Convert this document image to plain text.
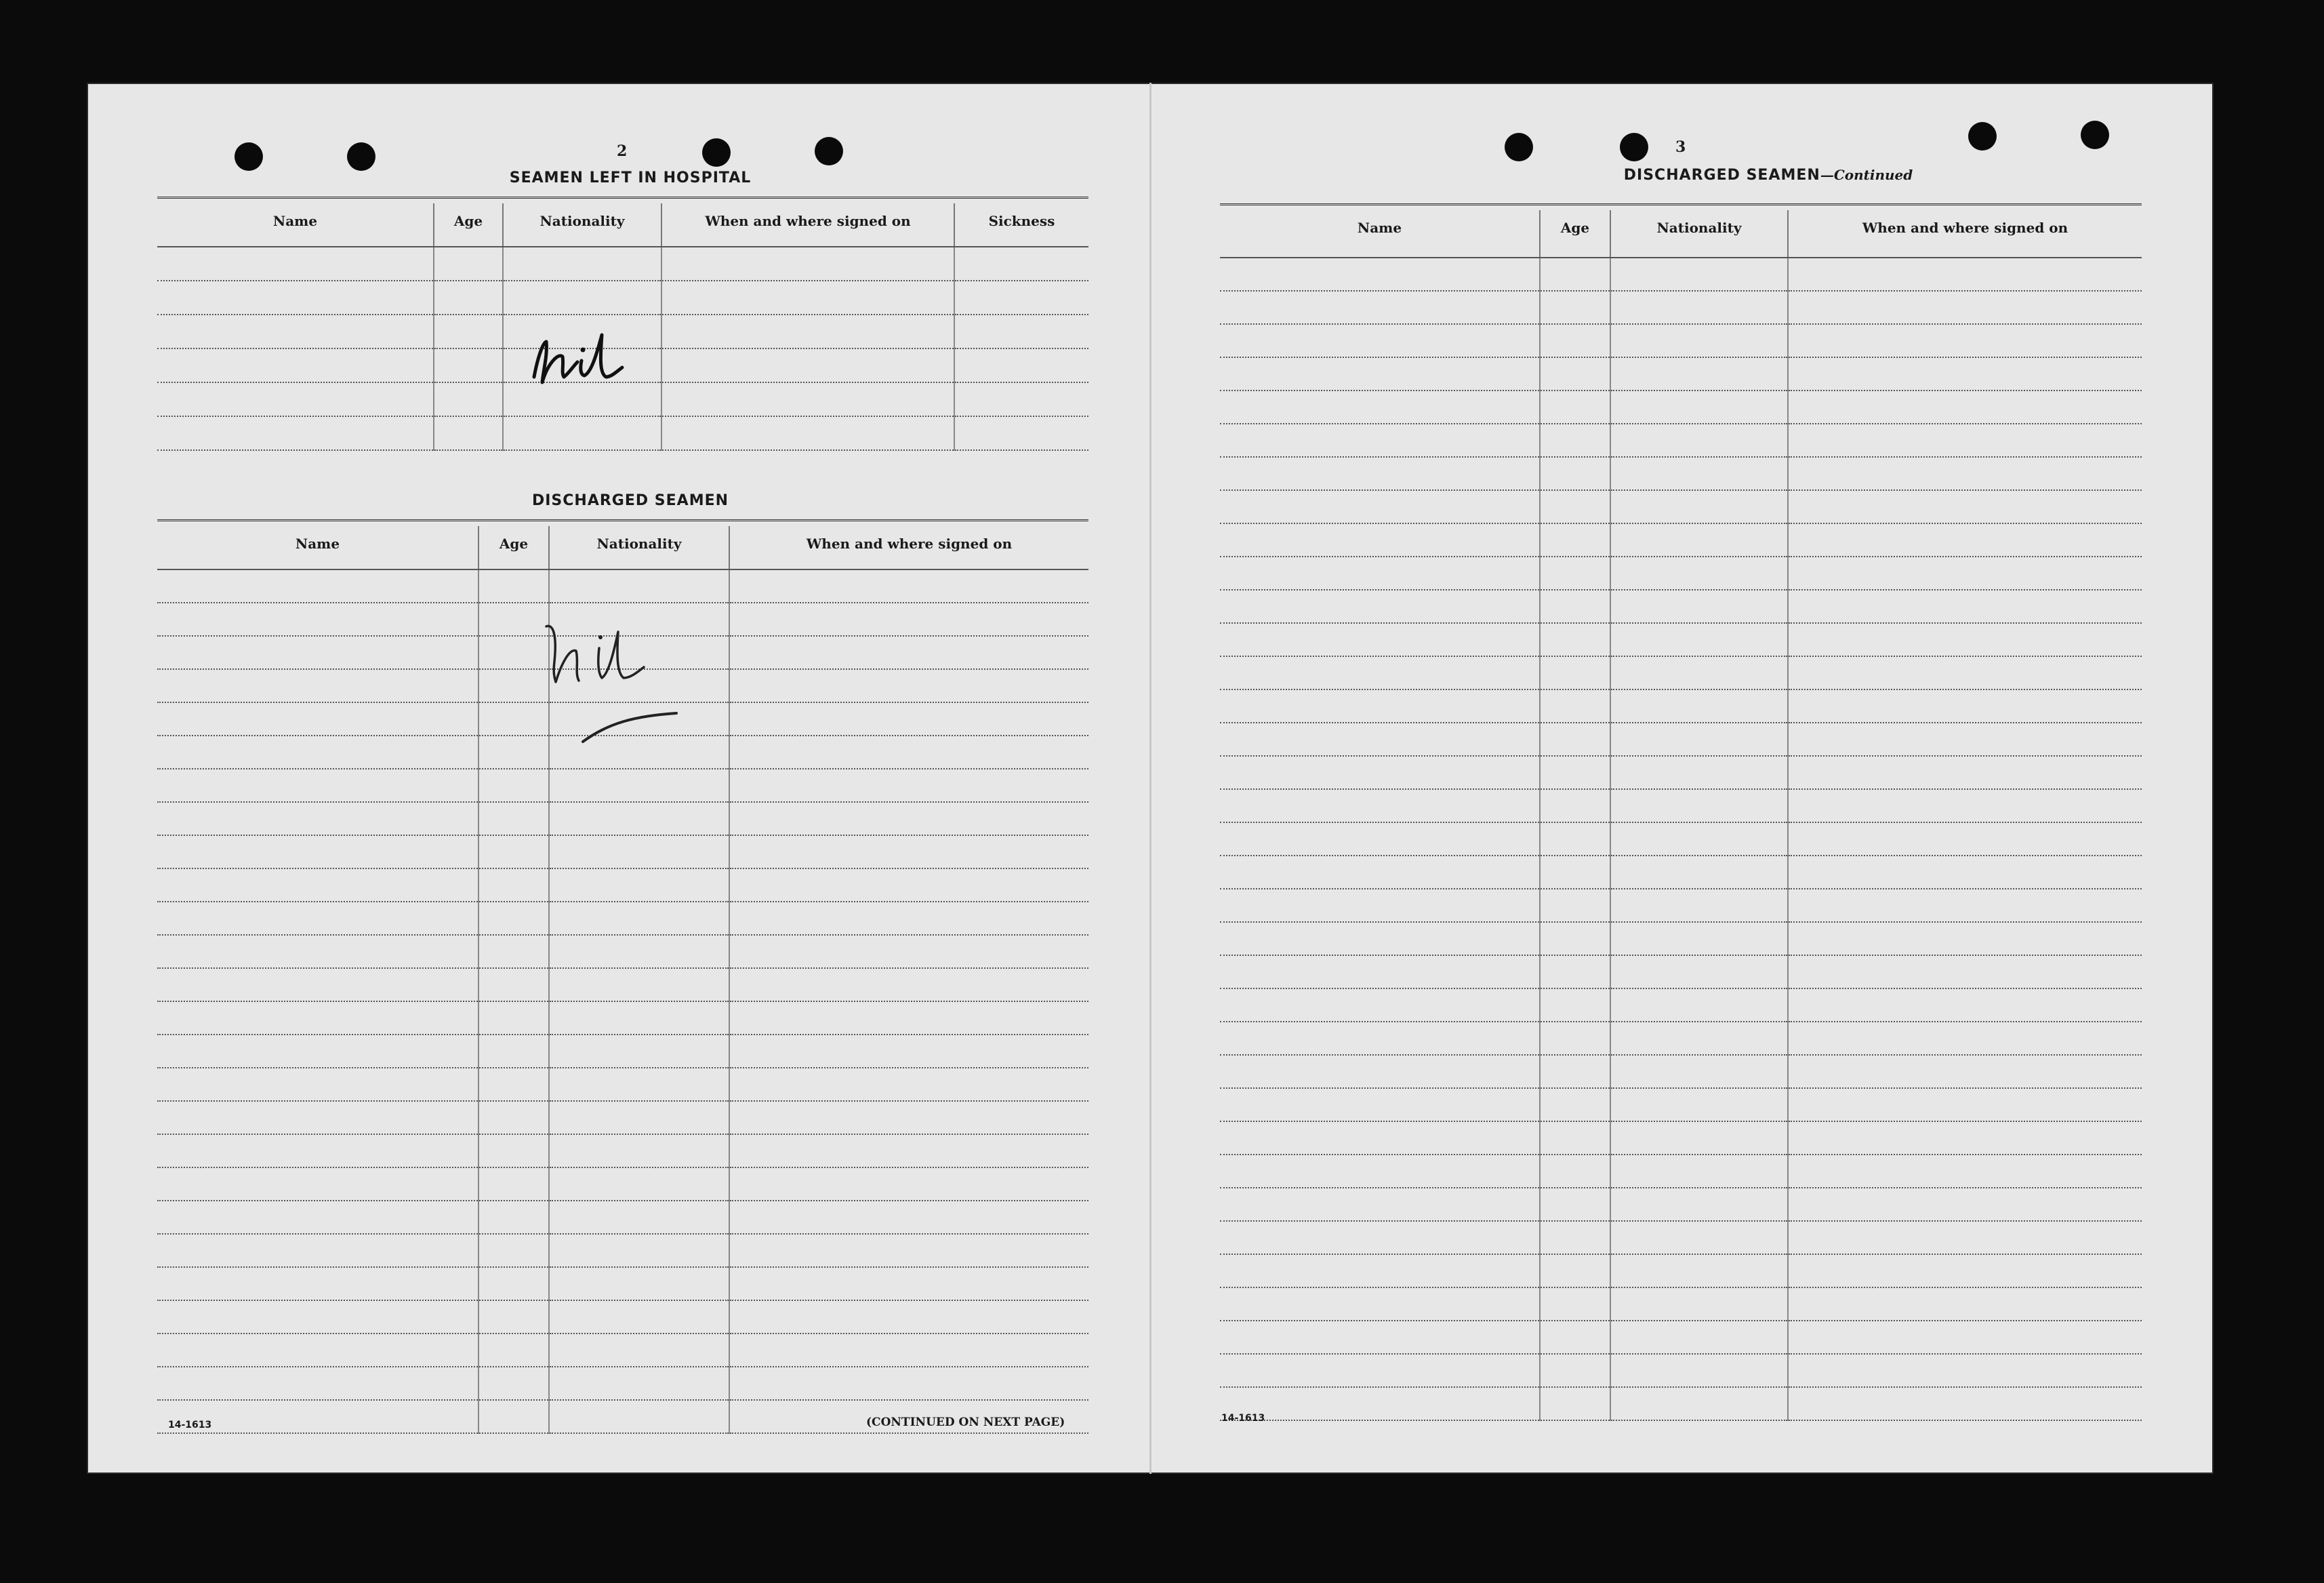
2
SEAMEN LEFT IN HOSPITAL
Name	Age	Nationality	When and where signed on	Sickness

DISCHARGED SEAMEN
Name	Age	Nationality	When and where signed on

14-1613	(CONTINUED ON NEXT PAGE)
3
DISCHARGED SEAMEN—Continued
Name	Age	Nationality	When and where signed on

14-1613
